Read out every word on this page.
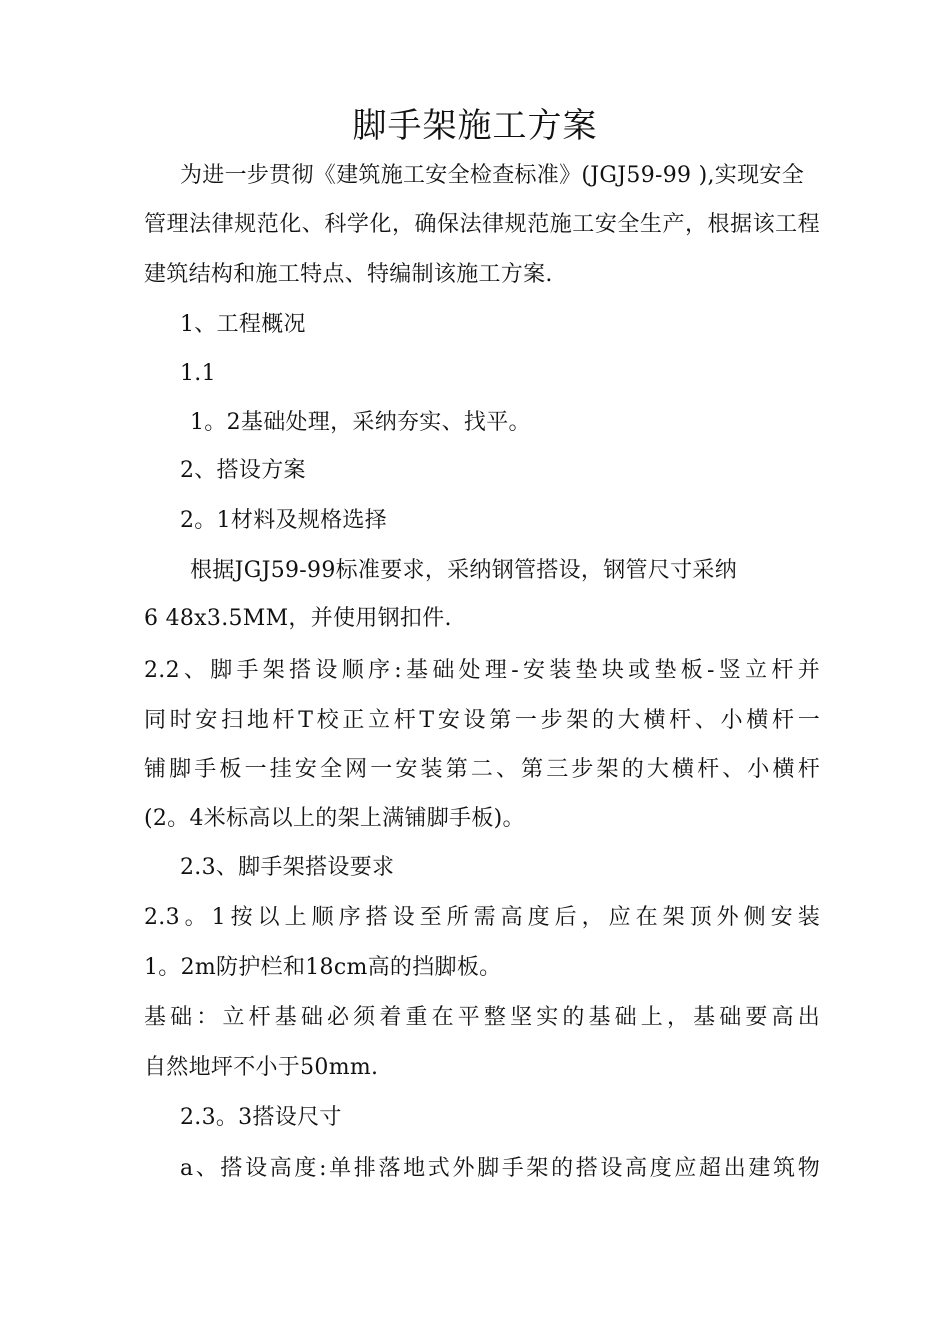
脚手架施工方案
为进一步贯彻《建筑施工安全检查标准》(JGJ59-99 ),实现安全
管理法律规范化、科学化，确保法律规范施工安全生产，根据该工程
建筑结构和施工特点、特编制该施工方案.
1、工程概况
1.1
1。2基础处理，采纳夯实、找平。
2、搭设方案
2。1材料及规格选择
根据JGJ59-99标准要求，采纳钢管搭设，钢管尺寸采纳
6 48x3.5MM，并使用钢扣件.
2.2、脚手架搭设顺序:基础处理-安装垫块或垫板-竖立杆并
同时安扫地杆T校正立杆T安设第一步架的大横杆、小横杆一
铺脚手板一挂安全网一安装第二、第三步架的大横杆、小横杆
(2。4米标高以上的架上满铺脚手板)。
2.3、脚手架搭设要求
2.3。1按以上顺序搭设至所需高度后，应在架顶外侧安装
1。2m防护栏和18cm高的挡脚板。
基础：立杆基础必须着重在平整坚实的基础上，基础要高出
自然地坪不小于50mm.
2.3。3搭设尺寸
a、搭设高度:单排落地式外脚手架的搭设高度应超出建筑物
